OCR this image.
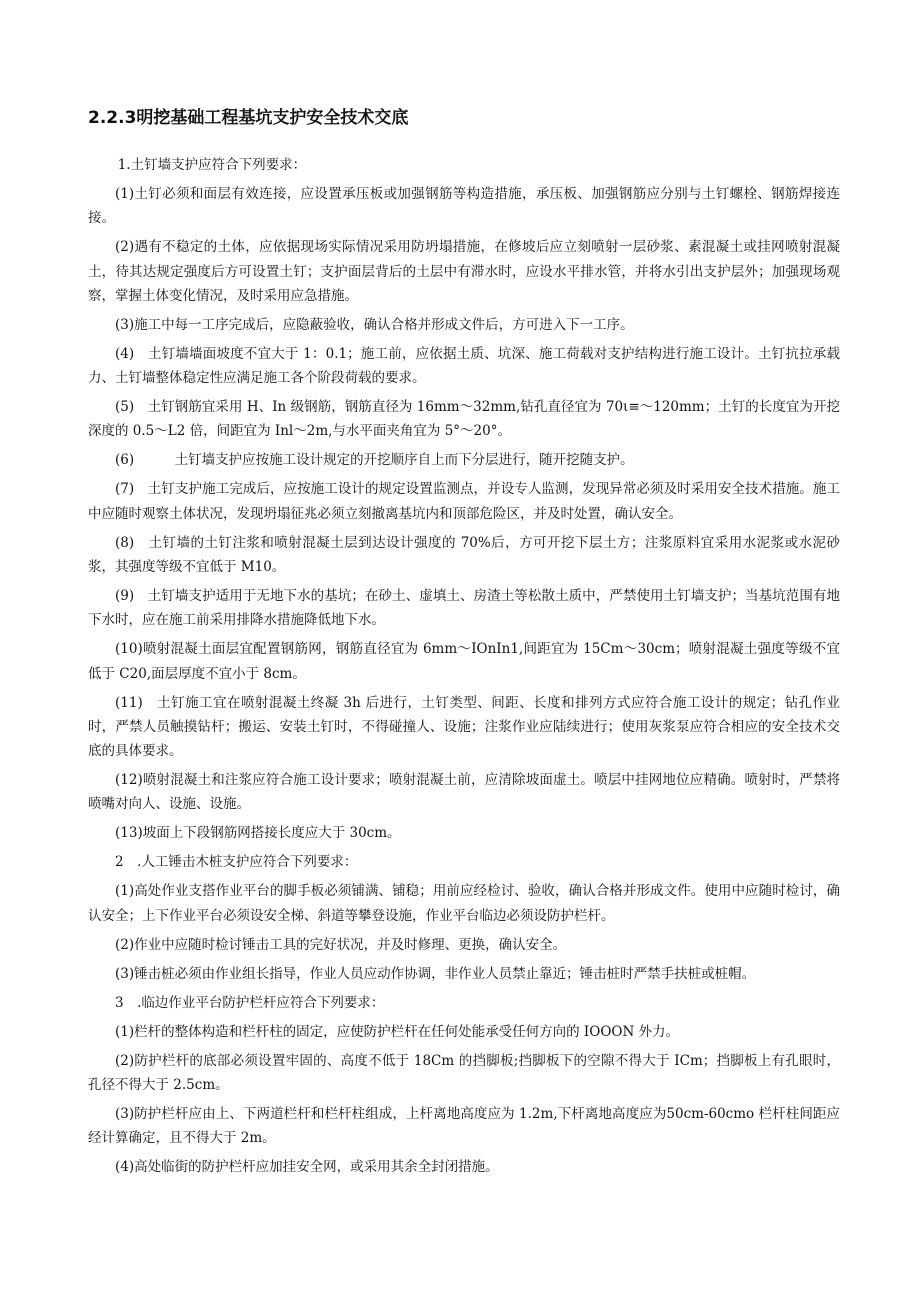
2.2.3明挖基础工程基坑支护安全技术交底

1.土钉墙支护应符合下列要求：

(1)土钉必须和面层有效连接，应设置承压板或加强钢筋等构造措施，承压板、加强钢筋应分别与土钉螺栓、钢筋焊接连接。

(2)遇有不稳定的土体，应依据现场实际情况采用防坍塌措施，在修坡后应立刻喷射一层砂浆、素混凝土或挂网喷射混凝土，待其达规定强度后方可设置土钉；支护面层背后的土层中有滞水时，应设水平排水管，并将水引出支护层外；加强现场观察，掌握土体变化情况，及时采用应急措施。

(3)施工中每一工序完成后，应隐蔽验收，确认合格并形成文件后，方可进入下一工序。

(4)　土钉墙墙面坡度不宜大于 1：0.1；施工前，应依据土质、坑深、施工荷载对支护结构进行施工设计。土钉抗拉承载力、土钉墙整体稳定性应满足施工各个阶段荷载的要求。

(5)　土钉钢筋宜采用 H、In 级钢筋，钢筋直径为 16mm～32mm,钻孔直径宜为 70ι≡～120mm；土钉的长度宜为开挖深度的 0.5～L2 倍，间距宜为 Inl～2m,与水平面夹角宜为 5°～20°。

(6)　　　土钉墙支护应按施工设计规定的开挖顺序自上而下分层进行，随开挖随支护。

(7)　土钉支护施工完成后，应按施工设计的规定设置监测点，并设专人监测，发现异常必须及时采用安全技术措施。施工中应随时观察土体状况，发现坍塌征兆必须立刻撤离基坑内和顶部危险区，并及时处置，确认安全。

(8)　土钉墙的土钉注浆和喷射混凝土层到达设计强度的 70%后，方可开挖下层土方；注浆原料宜采用水泥浆或水泥砂浆，其强度等级不宜低于 M10。

(9)　土钉墙支护适用于无地下水的基坑；在砂土、虚填土、房渣土等松散土质中，严禁使用土钉墙支护；当基坑范围有地下水时，应在施工前采用排降水措施降低地下水。

(10)喷射混凝土面层宜配置钢筋网，钢筋直径宜为 6mm～IOnIn1,间距宜为 15Cm～30cm；喷射混凝土强度等级不宜低于 C20,面层厚度不宜小于 8cm。

(11)　土钉施工宜在喷射混凝土终凝 3h 后进行，土钉类型、间距、长度和排列方式应符合施工设计的规定；钻孔作业时，严禁人员触摸钻杆；搬运、安装土钉时，不得碰撞人、设施；注浆作业应陆续进行；使用灰浆泵应符合相应的安全技术交底的具体要求。

(12)喷射混凝土和注浆应符合施工设计要求；喷射混凝土前，应清除坡面虚土。喷层中挂网地位应精确。喷射时，严禁将喷嘴对向人、设施、设施。

(13)坡面上下段钢筋网搭接长度应大于 30cm。

2　.人工锤击木桩支护应符合下列要求：

(1)高处作业支搭作业平台的脚手板必须铺满、铺稳；用前应经检讨、验收，确认合格并形成文件。使用中应随时检讨，确认安全；上下作业平台必须设安全梯、斜道等攀登设施，作业平台临边必须设防护栏杆。

(2)作业中应随时检讨锤击工具的完好状况，并及时修理、更换，确认安全。

(3)锤击桩必须由作业组长指导，作业人员应动作协调，非作业人员禁止靠近；锤击桩时严禁手扶桩或桩帽。

3　.临边作业平台防护栏杆应符合下列要求：

(1)栏杆的整体构造和栏杆柱的固定，应使防护栏杆在任何处能承受任何方向的 IOOON 外力。

(2)防护栏杆的底部必须设置牢固的、高度不低于 18Cm 的挡脚板;挡脚板下的空隙不得大于 ICm；挡脚板上有孔眼时，孔径不得大于 2.5cm。

(3)防护栏杆应由上、下两道栏杆和栏杆柱组成，上杆离地高度应为 1.2m,下杆离地高度应为50cm-60cmo 栏杆柱间距应经计算确定，且不得大于 2m。

(4)高处临街的防护栏杆应加挂安全网，或采用其余全封闭措施。
